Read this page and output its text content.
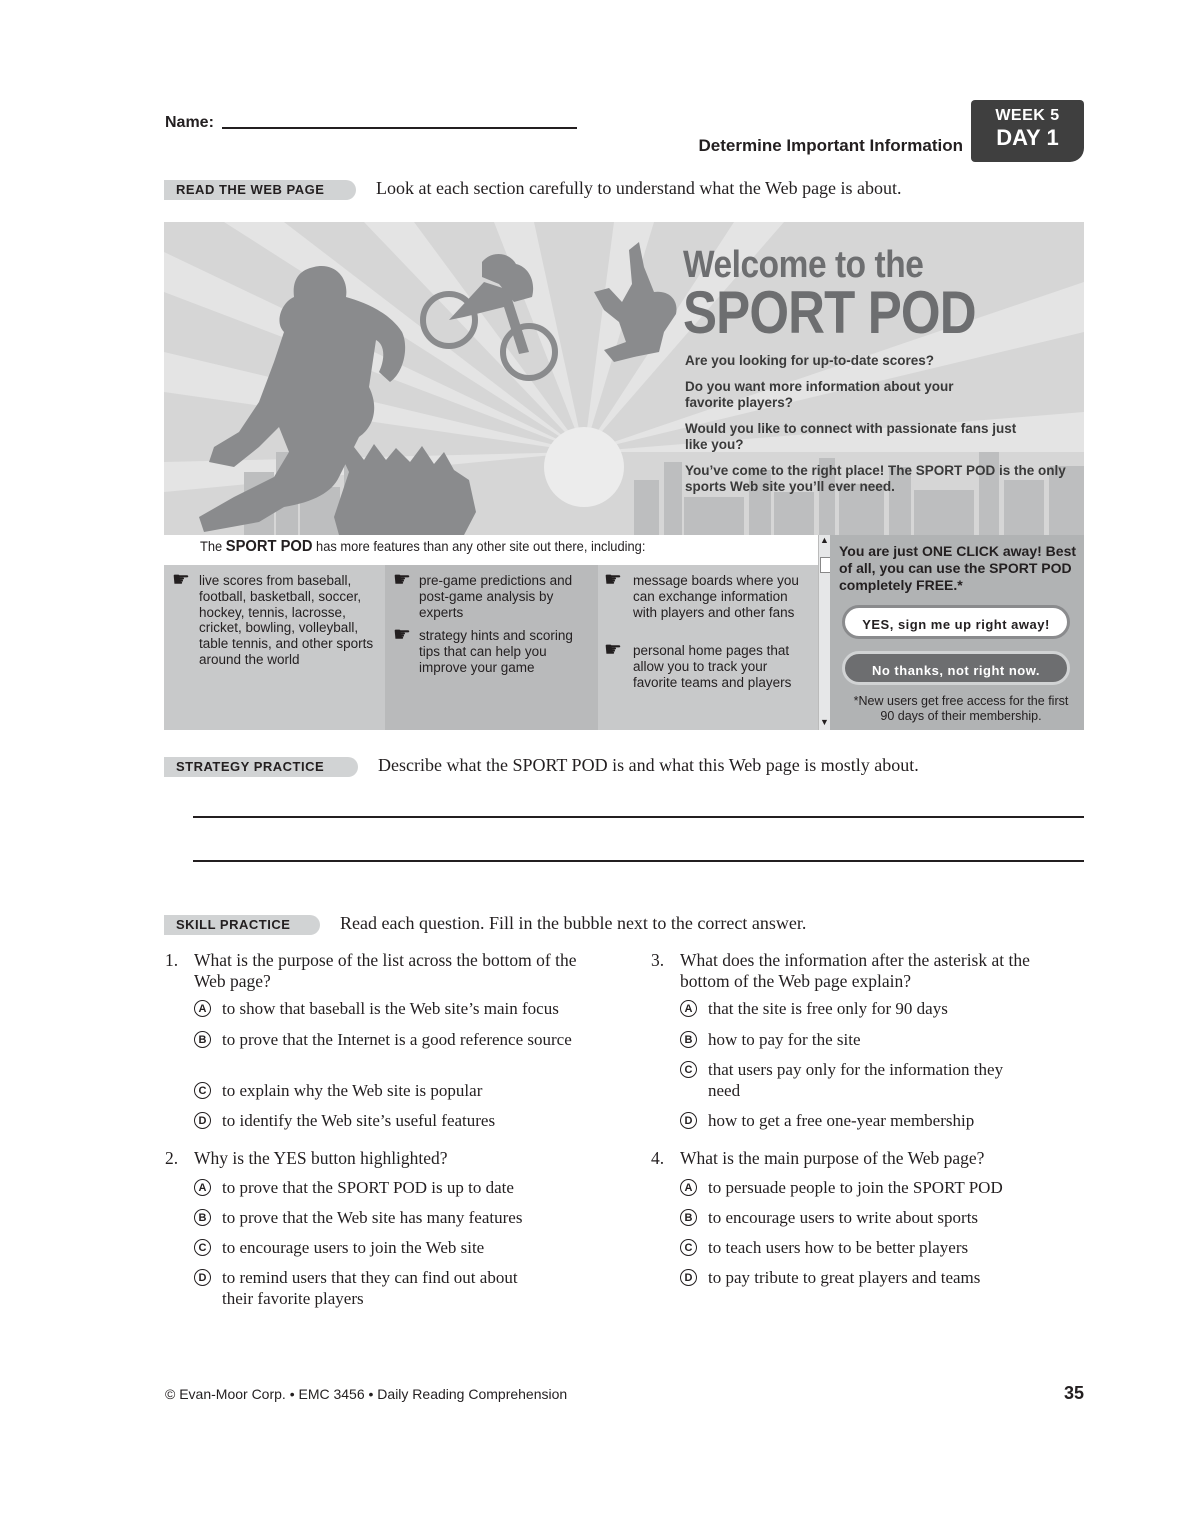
Name:
Determine Important Information
WEEK 5
DAY 1
READ THE WEB PAGE	Look at each section carefully to understand what the Web page is about.
Welcome to the
SPORT POD
Are you looking for up-to-date scores?
Do you want more information about your favorite players?
Would you like to connect with passionate fans just like you?
You’ve come to the right place! The SPORT POD is the only sports Web site you’ll ever need.
The SPORT POD has more features than any other site out there, including:
☛ live scores from baseball, football, basketball, soccer, hockey, tennis, lacrosse, cricket, bowling, volleyball, table tennis, and other sports around the world
☛ pre-game predictions and post-game analysis by experts
☛ strategy hints and scoring tips that can help you improve your game
☛ message boards where you can exchange information with players and other fans
☛ personal home pages that allow you to track your favorite teams and players
▲
▼
You are just ONE CLICK away! Best of all, you can use the SPORT POD completely FREE.*
YES, sign me up right away!
No thanks, not right now.
*New users get free access for the first 90 days of their membership.
STRATEGY PRACTICE	Describe what the SPORT POD is and what this Web page is mostly about.
SKILL PRACTICE	Read each question. Fill in the bubble next to the correct answer.
1. What is the purpose of the list across the bottom of the Web page?
A to show that baseball is the Web site’s main focus
B to prove that the Internet is a good reference source
C to explain why the Web site is popular
D to identify the Web site’s useful features
2. Why is the YES button highlighted?
A to prove that the SPORT POD is up to date
B to prove that the Web site has many features
C to encourage users to join the Web site
D to remind users that they can find out about their favorite players
3. What does the information after the asterisk at the bottom of the Web page explain?
A that the site is free only for 90 days
B how to pay for the site
C that users pay only for the information they need
D how to get a free one-year membership
4. What is the main purpose of the Web page?
A to persuade people to join the SPORT POD
B to encourage users to write about sports
C to teach users how to be better players
D to pay tribute to great players and teams
© Evan-Moor Corp. • EMC 3456 • Daily Reading Comprehension	35
